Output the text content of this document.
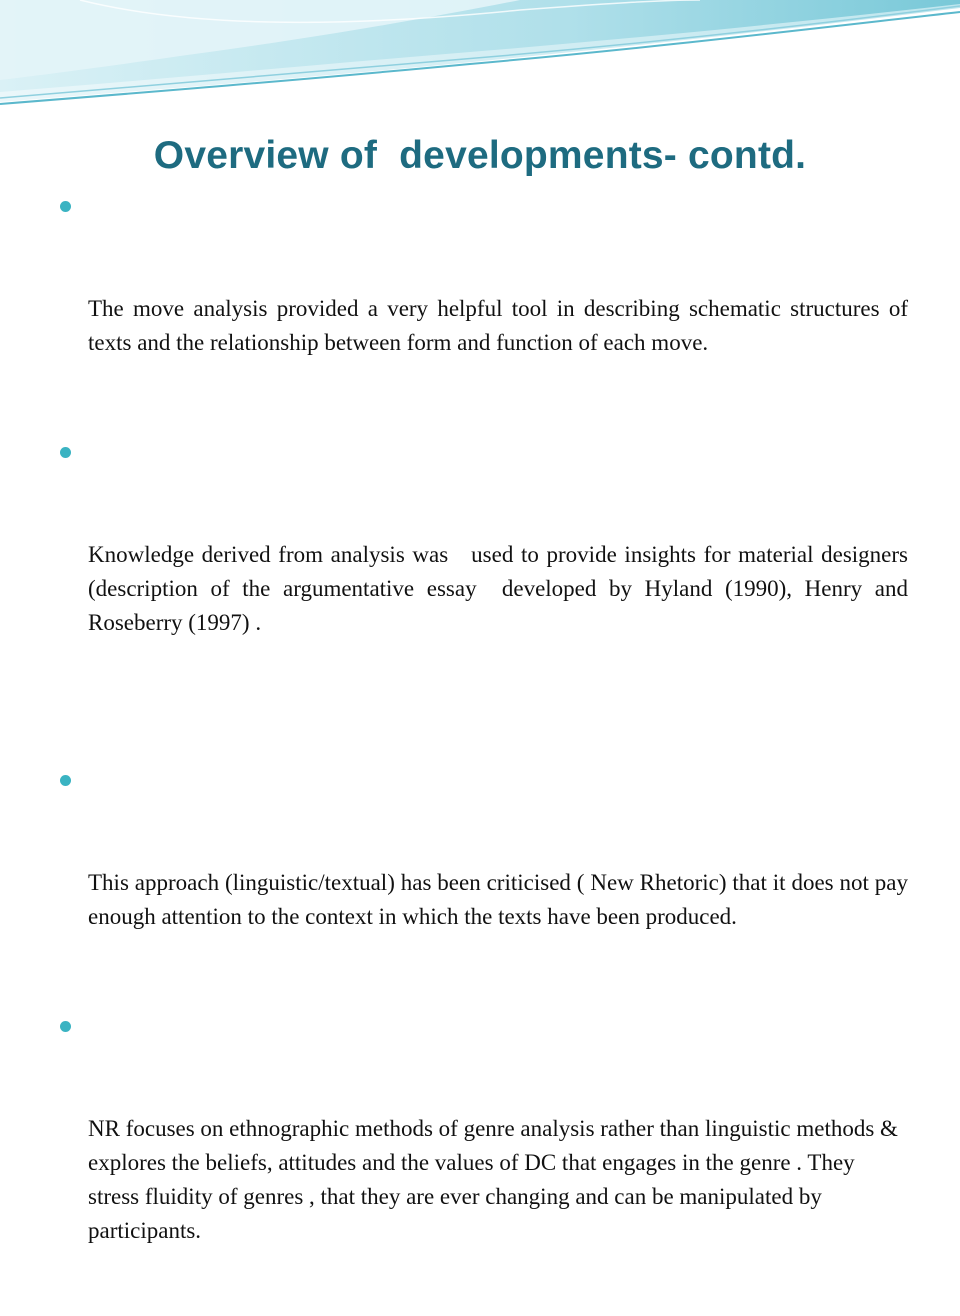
Overview of  developments- contd.

The move analysis provided a very helpful tool in describing schematic structures of texts and the relationship between form and function of each move.

Knowledge derived from analysis was   used to provide insights for material designers (description of the argumentative essay  developed by Hyland (1990), Henry and Roseberry (1997) .

This approach (linguistic/textual) has been criticised ( New Rhetoric) that it does not pay enough attention to the context in which the texts have been produced.

NR focuses on ethnographic methods of genre analysis rather than linguistic methods & explores the beliefs, attitudes and the values of DC that engages in the genre . They stress fluidity of genres , that they are ever changing and can be manipulated by participants.
